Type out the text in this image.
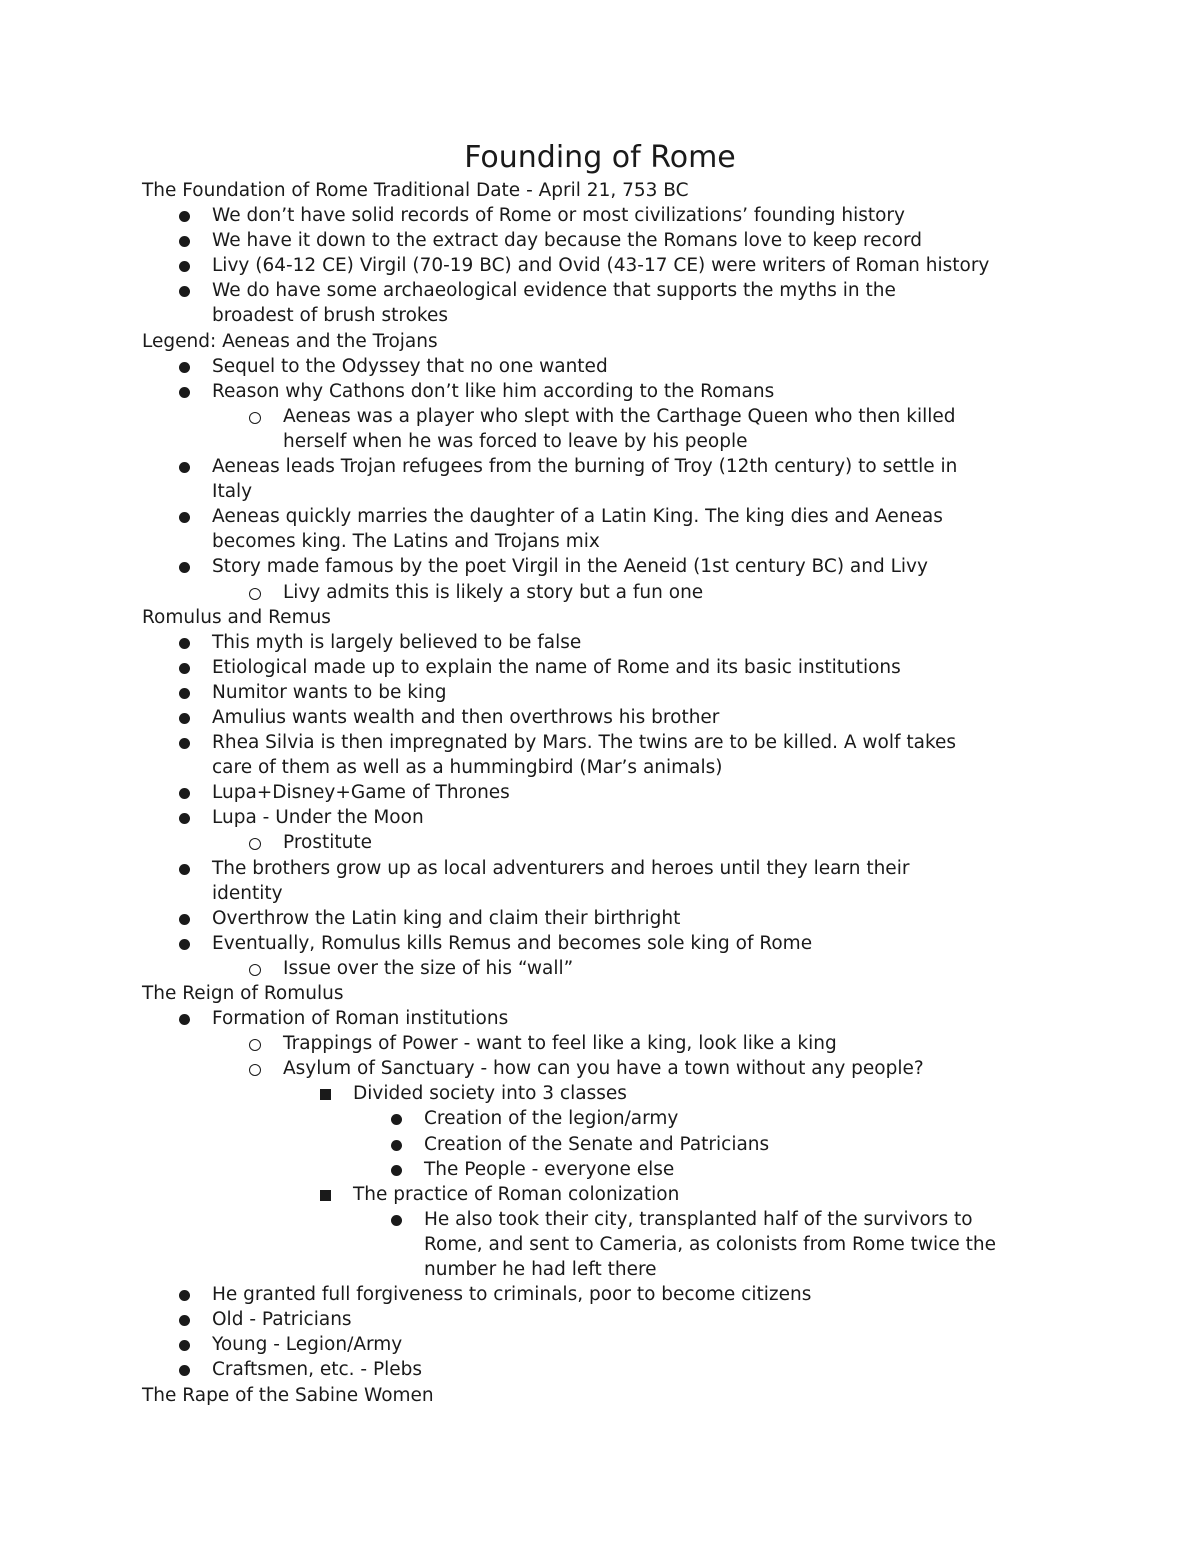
Founding of Rome
The Foundation of Rome Traditional Date - April 21, 753 BC
We don’t have solid records of Rome or most civilizations’ founding history
We have it down to the extract day because the Romans love to keep record
Livy (64-12 CE) Virgil (70-19 BC) and Ovid (43-17 CE) were writers of Roman history
We do have some archaeological evidence that supports the myths in the
broadest of brush strokes
Legend: Aeneas and the Trojans
Sequel to the Odyssey that no one wanted
Reason why Cathons don’t like him according to the Romans
Aeneas was a player who slept with the Carthage Queen who then killed
herself when he was forced to leave by his people
Aeneas leads Trojan refugees from the burning of Troy (12th century) to settle in
Italy
Aeneas quickly marries the daughter of a Latin King. The king dies and Aeneas
becomes king. The Latins and Trojans mix
Story made famous by the poet Virgil in the Aeneid (1st century BC) and Livy
Livy admits this is likely a story but a fun one
Romulus and Remus
This myth is largely believed to be false
Etiological made up to explain the name of Rome and its basic institutions
Numitor wants to be king
Amulius wants wealth and then overthrows his brother
Rhea Silvia is then impregnated by Mars. The twins are to be killed. A wolf takes
care of them as well as a hummingbird (Mar’s animals)
Lupa+Disney+Game of Thrones
Lupa - Under the Moon
Prostitute
The brothers grow up as local adventurers and heroes until they learn their
identity
Overthrow the Latin king and claim their birthright
Eventually, Romulus kills Remus and becomes sole king of Rome
Issue over the size of his “wall”
The Reign of Romulus
Formation of Roman institutions
Trappings of Power - want to feel like a king, look like a king
Asylum of Sanctuary - how can you have a town without any people?
Divided society into 3 classes
Creation of the legion/army
Creation of the Senate and Patricians
The People - everyone else
The practice of Roman colonization
He also took their city, transplanted half of the survivors to
Rome, and sent to Cameria, as colonists from Rome twice the
number he had left there
He granted full forgiveness to criminals, poor to become citizens
Old - Patricians
Young - Legion/Army
Craftsmen, etc. - Plebs
The Rape of the Sabine Women
